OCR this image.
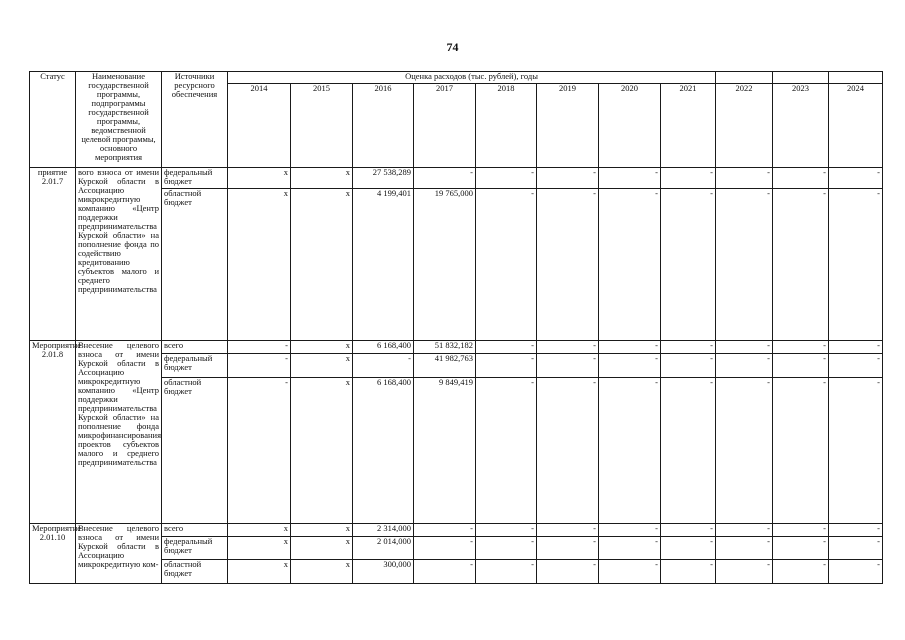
74
Статус	Наименование государственной программы, подпрограммы государственной программы, ведомственной целевой программы, основного мероприятия	Источники ресурсного обеспечения	Оценка расходов (тыс. рублей), годы										
			2014	2015	2016	2017	2018	2019	2020	2021	2022	2023	2024
приятие 2.01.7	вого взноса от имени Курской области в Ассоциацию микрокредитную компанию «Центр поддержки предпринимательства Курской области» на пополнение фонда по содействию кредитованию субъектов малого и среднего предпринимательства	федеральный бюджет	x	x	27 538,289	-	-	-	-	-	-	-	-
		областной бюджет	x	x	4 199,401	19 765,000	-	-	-	-	-	-	-
Мероприятие 2.01.8	Внесение целевого взноса от имени Курской области в Ассоциацию микрокредитную компанию «Центр поддержки предпринимательства Курской области» на пополнение фонда микрофинансирования проектов субъектов малого и среднего предпринимательства	всего	-	x	6 168,400	51 832,182	-	-	-	-	-	-	-
		федеральный бюджет	-	x	-	41 982,763	-	-	-	-	-	-	-
		областной бюджет	-	x	6 168,400	9 849,419	-	-	-	-	-	-	-
Мероприятие 2.01.10	Внесение целевого взноса от имени Курской области в Ассоциацию микрокредитную ком-	всего	x	x	2 314,000	-	-	-	-	-	-	-	-
		федеральный бюджет	x	x	2 014,000	-	-	-	-	-	-	-	-
		областной бюджет	x	x	300,000	-	-	-	-	-	-	-	-
